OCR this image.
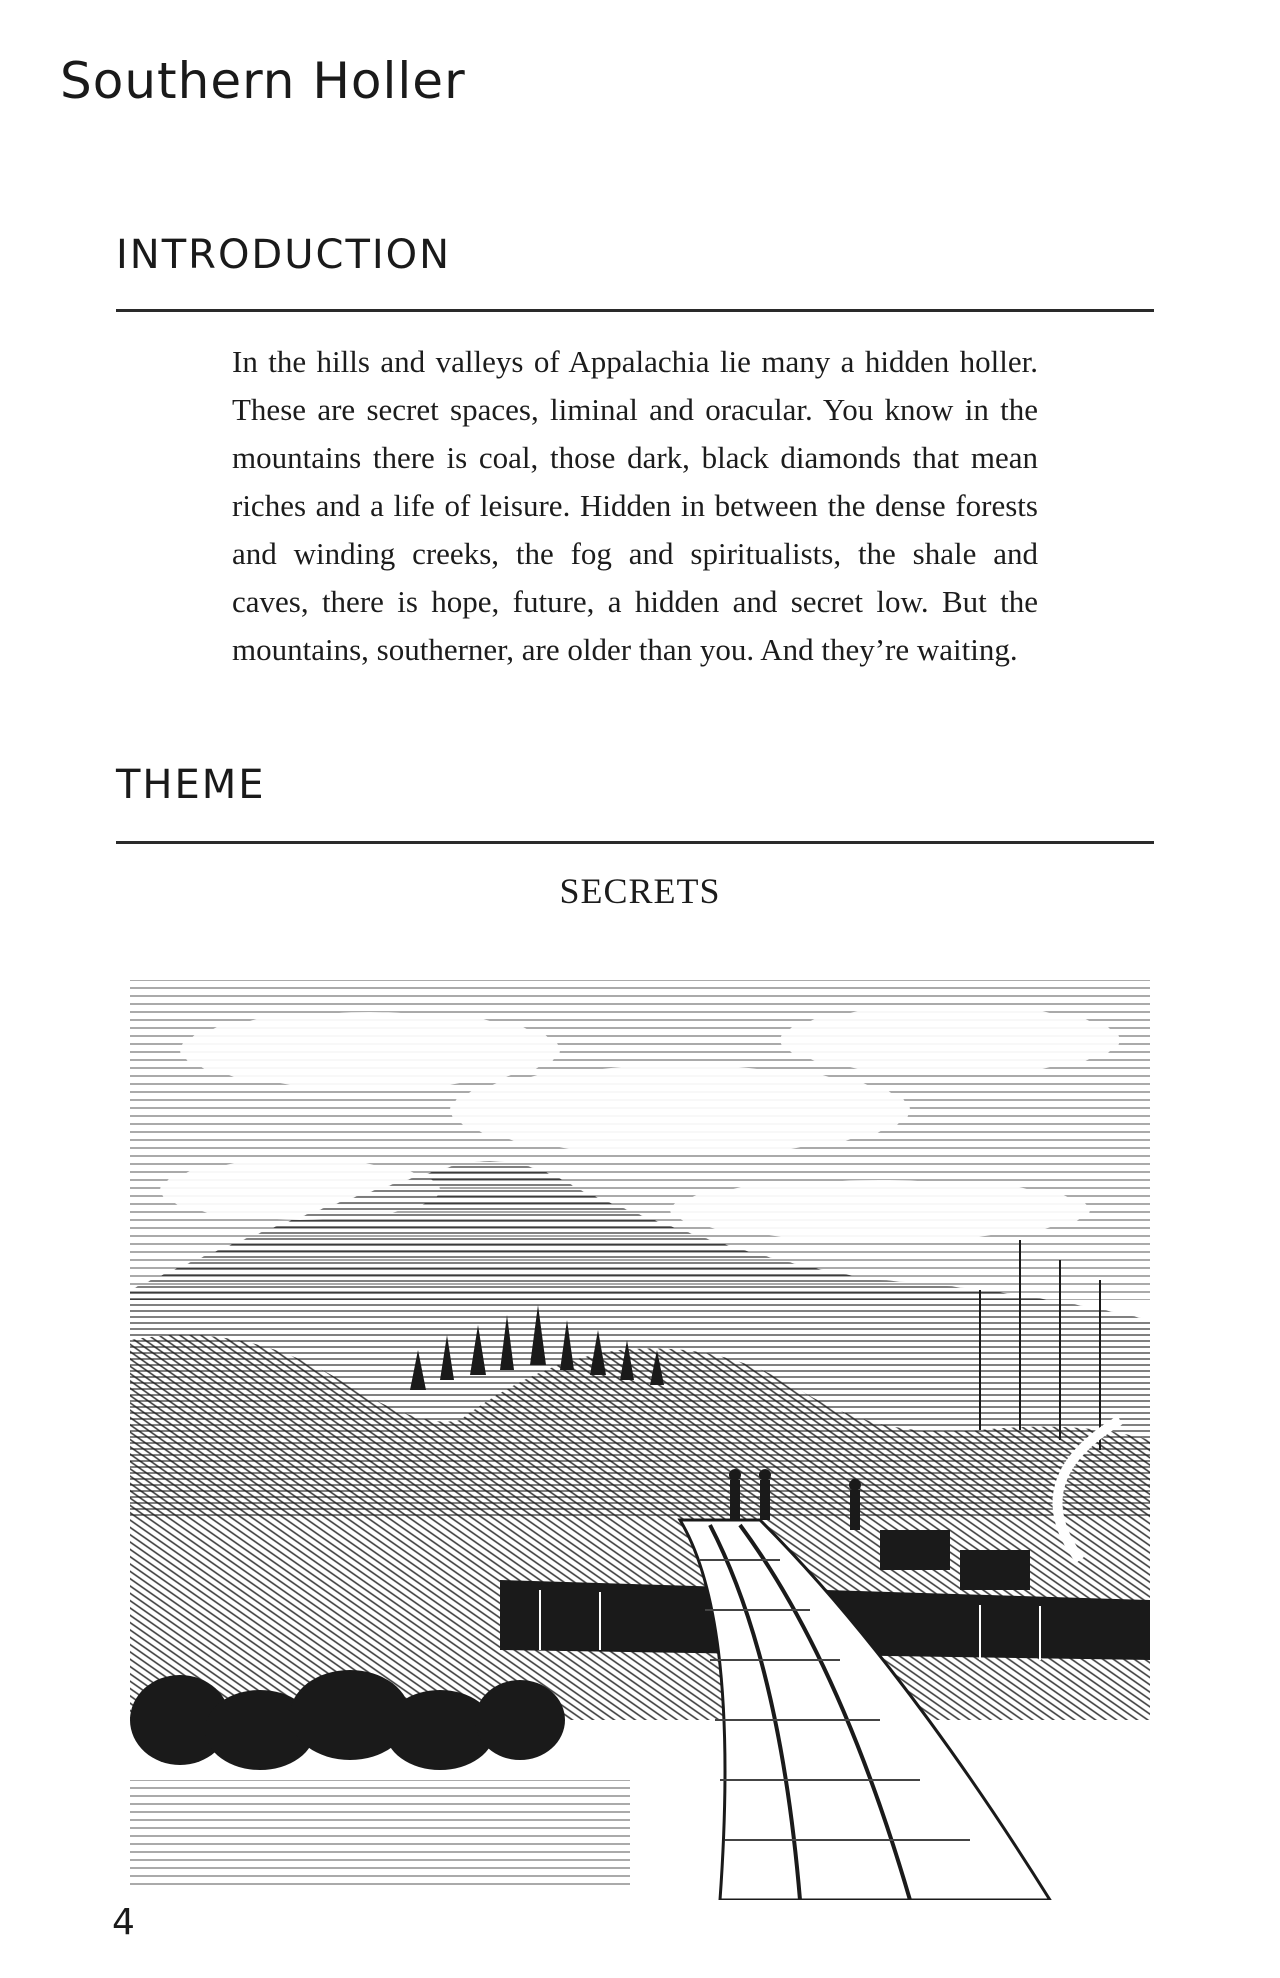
Southern Holler
INTRODUCTION

In the hills and valleys of Appalachia lie many a hidden holler. These are secret spaces, liminal and oracular. You know in the mountains there is coal, those dark, black diamonds that mean riches and a life of leisure. Hidden in between the dense forests and winding creeks, the fog and spiritualists, the shale and caves, there is hope, future, a hidden and secret low. But the mountains, southerner, are older than you. And they’re waiting.

THEME
SECRETS
4
